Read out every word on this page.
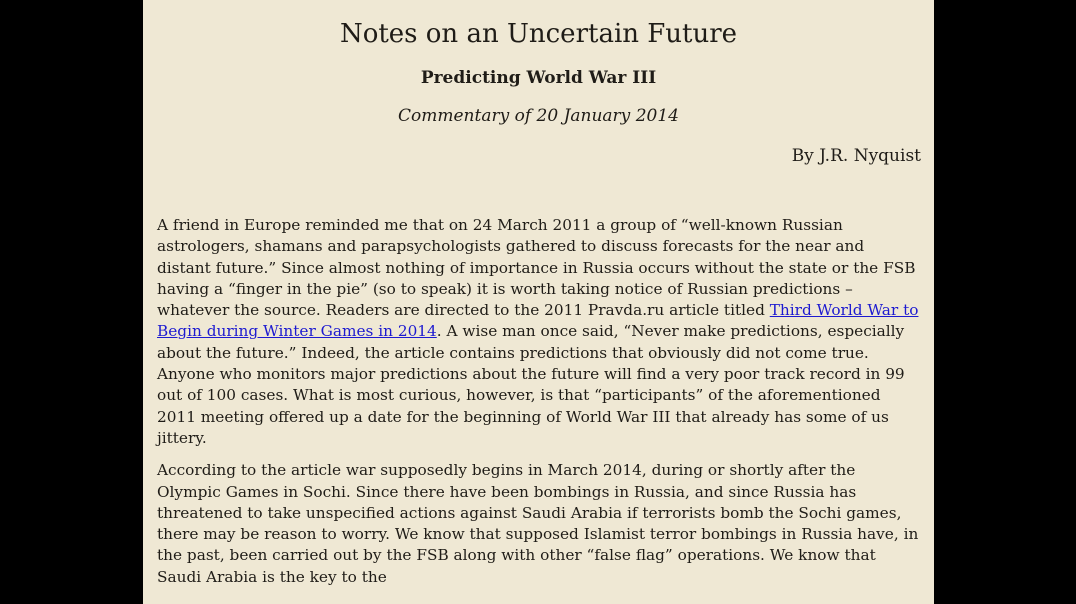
Notes on an Uncertain Future
Predicting World War III
Commentary of 20 January 2014
By J.R. Nyquist

A friend in Europe reminded me that on 24 March 2011 a group of “well-known Russian astrologers, shamans and parapsychologists gathered to discuss forecasts for the near and distant future.” Since almost nothing of importance in Russia occurs without the state or the FSB having a “finger in the pie” (so to speak) it is worth taking notice of Russian predictions – whatever the source. Readers are directed to the 2011 Pravda.ru article titled Third World War to Begin during Winter Games in 2014. A wise man once said, “Never make predictions, especially about the future.” Indeed, the article contains predictions that obviously did not come true. Anyone who monitors major predictions about the future will find a very poor track record in 99 out of 100 cases. What is most curious, however, is that “participants” of the aforementioned 2011 meeting offered up a date for the beginning of World War III that already has some of us jittery.

According to the article war supposedly begins in March 2014, during or shortly after the Olympic Games in Sochi. Since there have been bombings in Russia, and since Russia has threatened to take unspecified actions against Saudi Arabia if terrorists bomb the Sochi games, there may be reason to worry. We know that supposed Islamist terror bombings in Russia have, in the past, been carried out by the FSB along with other “false flag” operations. We know that Saudi Arabia is the key to the
